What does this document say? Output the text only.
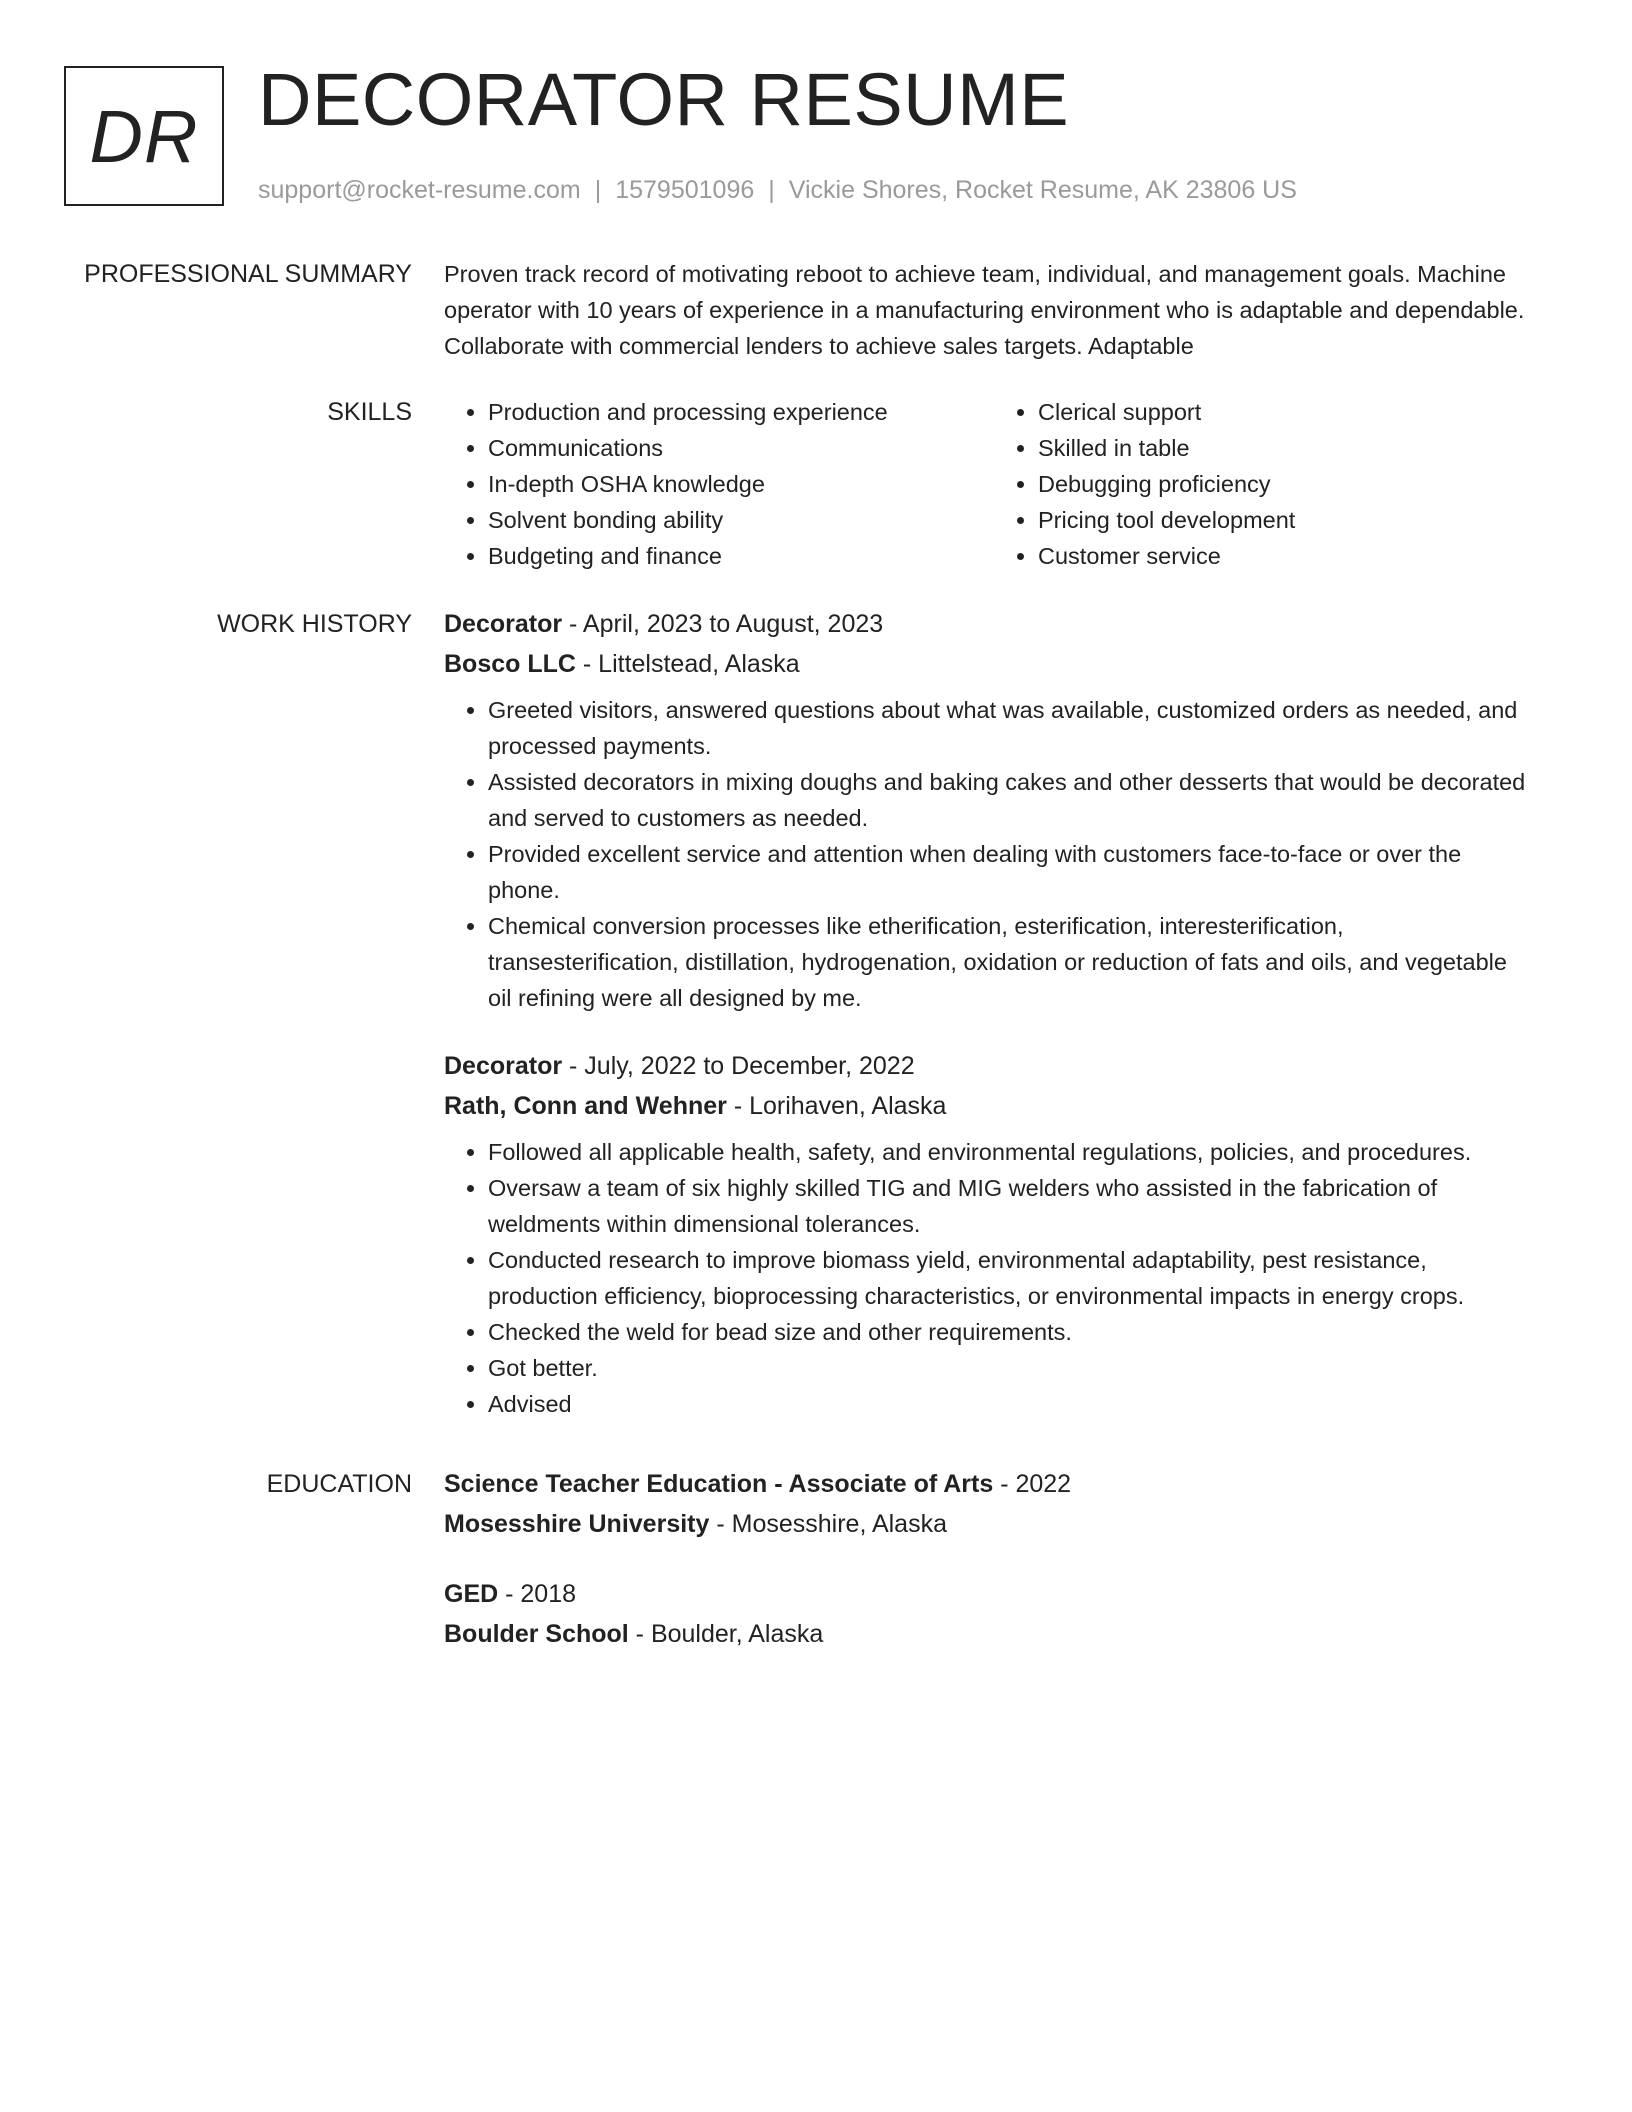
DR DECORATOR RESUME
support@rocket-resume.com | 1579501096 | Vickie Shores, Rocket Resume, AK 23806 US
PROFESSIONAL SUMMARY Proven track record of motivating reboot to achieve team, individual, and management goals. Machine operator with 10 years of experience in a manufacturing environment who is adaptable and dependable. Collaborate with commercial lenders to achieve sales targets. Adaptable

SKILLS
•	Production and processing experience
• Communications
• In-depth OSHA knowledge
• Solvent bonding ability
• Budgeting and finance
• Clerical support
• Skilled in table
• Debugging proficiency
• Pricing tool development
• Customer service
WORK HISTORY Decorator - April, 2023 to August, 2023
Bosco LLC - Littelstead, Alaska
• Greeted visitors, answered questions about what was available, customized orders as needed, and processed payments.
• Assisted decorators in mixing doughs and baking cakes and other desserts that would be decorated and served to customers as needed.
• Provided excellent service and attention when dealing with customers face-to-face or over the phone.
• Chemical conversion processes like etherification, esterification, interesterification, transesterification, distillation, hydrogenation, oxidation or reduction of fats and oils, and vegetable oil refining were all designed by me.
Decorator - July, 2022 to December, 2022
Rath, Conn and Wehner - Lorihaven, Alaska
• Followed all applicable health, safety, and environmental regulations, policies, and procedures.
• Oversaw a team of six highly skilled TIG and MIG welders who assisted in the fabrication of weldments within dimensional tolerances.
• Conducted research to improve biomass yield, environmental adaptability, pest resistance, production efficiency, bioprocessing characteristics, or environmental impacts in energy crops.
• Checked the weld for bead size and other requirements.
• Got better.
• Advised
EDUCATION Science Teacher Education - Associate of Arts - 2022
Mosesshire University - Mosesshire, Alaska
GED - 2018
Boulder School - Boulder, Alaska
